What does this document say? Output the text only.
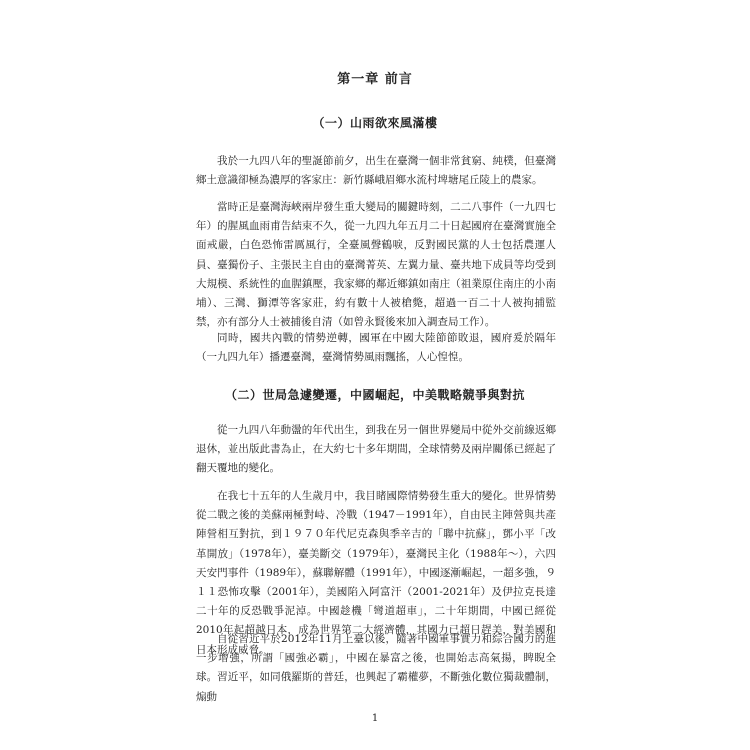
第一章 前言
（一）山雨欲來風滿樓

我於一九四八年的聖誕節前夕，出生在臺灣一個非常貧窮、純樸，但臺灣鄉土意識卻極為濃厚的客家庄：新竹縣峨眉鄉水流村埤塘尾丘陵上的農家。

當時正是臺灣海峽兩岸發生重大變局的關鍵時刻，二二八事件（一九四七年）的腥風血雨甫告結束不久，從一九四九年五月二十日起國府在臺灣實施全面戒嚴，白色恐怖雷厲風行，全臺風聲鶴唳，反對國民黨的人士包括農運人員、臺獨份子、主張民主自由的臺灣菁英、左翼力量、臺共地下成員等均受到大規模、系統性的血腥鎮壓，我家鄉的鄰近鄉鎮如南庄（祖業原住南庄的小南埔）、三灣、獅潭等客家莊，約有數十人被槍斃，超過一百二十人被拘捕監禁，亦有部分人士被捕後自清（如曾永賢後來加入調查局工作）。

同時，國共內戰的情勢逆轉，國軍在中國大陸節節敗退，國府爰於隔年（一九四九年）播遷臺灣，臺灣情勢風雨飄搖，人心惶惶。

（二）世局急遽變遷，中國崛起，中美戰略競爭與對抗

從一九四八年動盪的年代出生，到我在另一個世界變局中從外交前線返鄉退休，並出版此書為止，在大約七十多年期間，全球情勢及兩岸關係已經起了翻天覆地的變化。

在我七十五年的人生歲月中，我目睹國際情勢發生重大的變化。世界情勢從二戰之後的美蘇兩極對峙、冷戰（1947－1991年），自由民主陣營與共產陣營相互對抗，到１９７０年代尼克森與季辛吉的「聯中抗蘇」，鄧小平「改革開放」（1978年），臺美斷交（1979年），臺灣民主化（1988年～），六四天安門事件（1989年），蘇聯解體（1991年），中國逐漸崛起，一超多強，９１１恐怖攻擊（2001年），美國陷入阿富汗（2001-2021年）及伊拉克長達二十年的反恐戰爭泥淖。中國趁機「彎道超車」，二十年期間，中國已經從2010年起超越日本，成為世界第二大經濟體，其國力已超日趕美，對美國和日本形成威脅。

自從習近平於2012年11月上臺以後，隨著中國軍事實力和綜合國力的進一步增強，所謂「國強必霸」，中國在暴富之後，也開始志高氣揚，睥睨全球。習近平，如同俄羅斯的普廷，也興起了霸權夢，不斷強化數位獨裁體制，煽動

1
